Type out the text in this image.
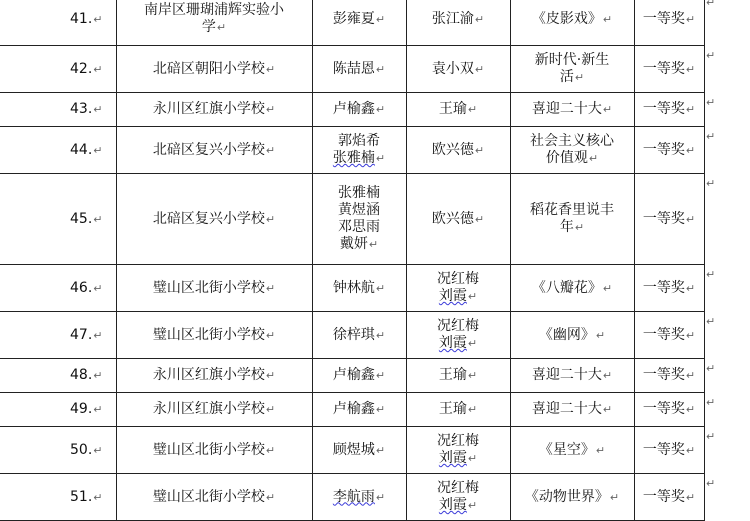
41.↵	南岸区珊瑚浦辉实验小
学↵	彭雍夏↵	张江渝↵	《皮影戏》↵	一等奖↵
42.↵	北碚区朝阳小学校↵	陈喆恩↵	袁小双↵	新时代·新生
活↵	一等奖↵
43.↵	永川区红旗小学校↵	卢榆鑫↵	王瑜↵	喜迎二十大↵	一等奖↵
44.↵	北碚区复兴小学校↵	郭焰希
张雅楠↵	欧兴德↵	社会主义核心
价值观↵	一等奖↵
45.↵	北碚区复兴小学校↵	张雅楠
黄煜涵
邓思雨
戴妍↵	欧兴德↵	稻花香里说丰
年↵	一等奖↵
46.↵	璧山区北街小学校↵	钟林航↵	况红梅
刘霞↵	《八瓣花》↵	一等奖↵
47.↵	璧山区北街小学校↵	徐梓琪↵	况红梅
刘霞↵	《幽网》↵	一等奖↵
48.↵	永川区红旗小学校↵	卢榆鑫↵	王瑜↵	喜迎二十大↵	一等奖↵
49.↵	永川区红旗小学校↵	卢榆鑫↵	王瑜↵	喜迎二十大↵	一等奖↵
50.↵	璧山区北街小学校↵	顾煜城↵	况红梅
刘霞↵	《星空》↵	一等奖↵
51.↵	璧山区北街小学校↵	李航雨↵	况红梅
刘霞↵	《动物世界》↵	一等奖↵
↵
↵
↵
↵
↵
↵
↵
↵
↵
↵
↵
